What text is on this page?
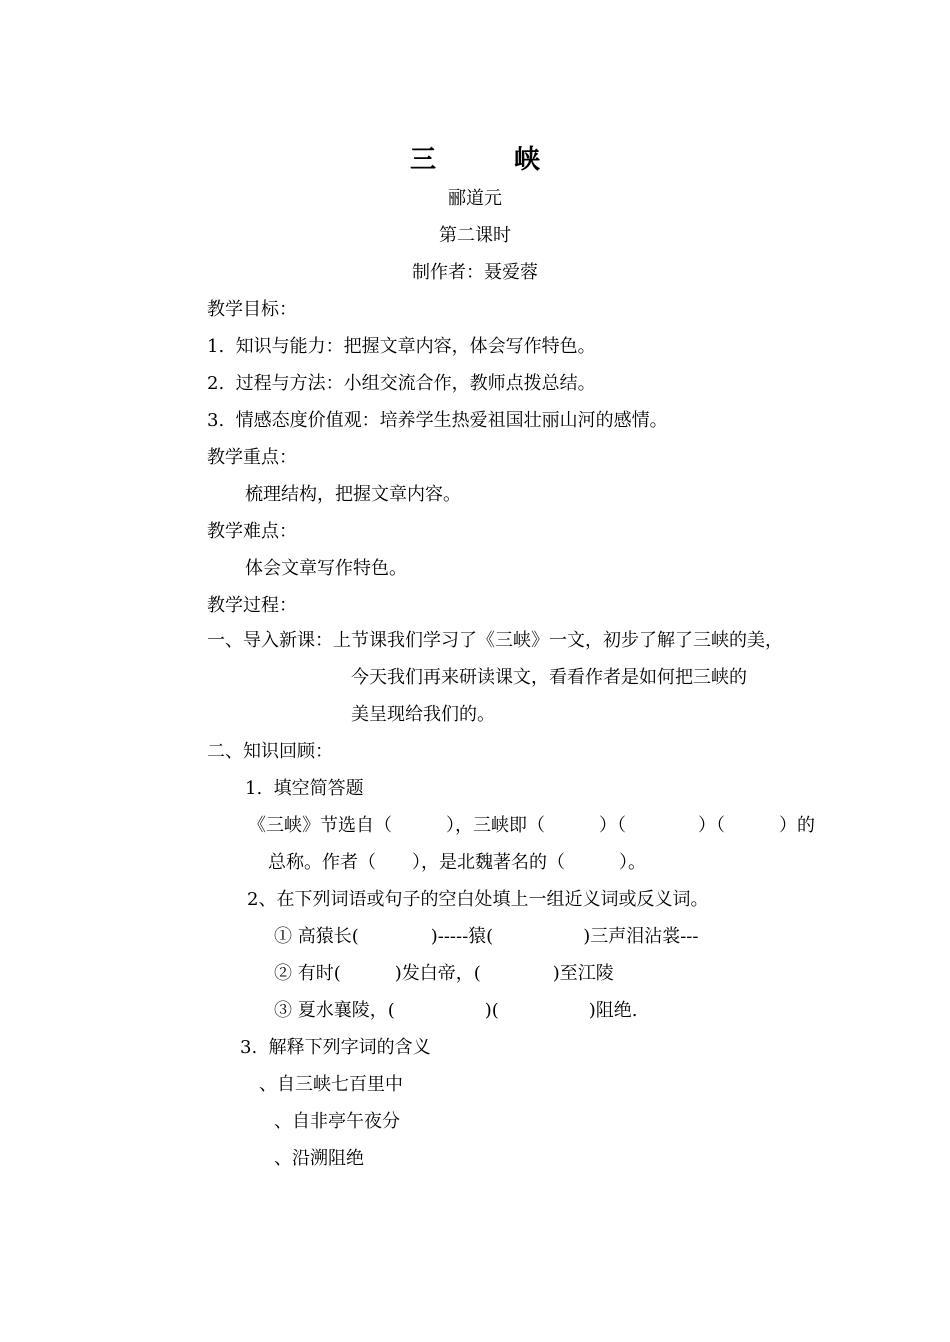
三　　　峡
郦道元
第二课时
制作者：聂爱蓉
教学目标：
1.  知识与能力：把握文章内容，体会写作特色。
2.  过程与方法：小组交流合作，教师点拨总结。
3.  情感态度价值观：培养学生热爱祖国壮丽山河的感情。
教学重点：
梳理结构，把握文章内容。
教学难点：
体会文章写作特色。
教学过程：
一、导入新课：上节课我们学习了《三峡》一文，初步了解了三峡的美，
今天我们再来研读课文，看看作者是如何把三峡的
美呈现给我们的。
二、知识回顾：
1.  填空简答题
《三峡》节选自（　　　），三峡即（　　　）（　　　　）（　　　）的
总称。作者（　　），是北魏著名的（　　　）。
2、在下列词语或句子的空白处填上一组近义词或反义词。
① 高猿长(　　　　)-----猿(　　　　　)三声泪沾裳---
② 有时(　　　)发白帝，(　　　　)至江陵
③ 夏水襄陵，(　　　　　)(　　　　　)阻绝.
3.  解释下列字词的含义
、自三峡七百里中
、自非亭午夜分
、沿溯阻绝
